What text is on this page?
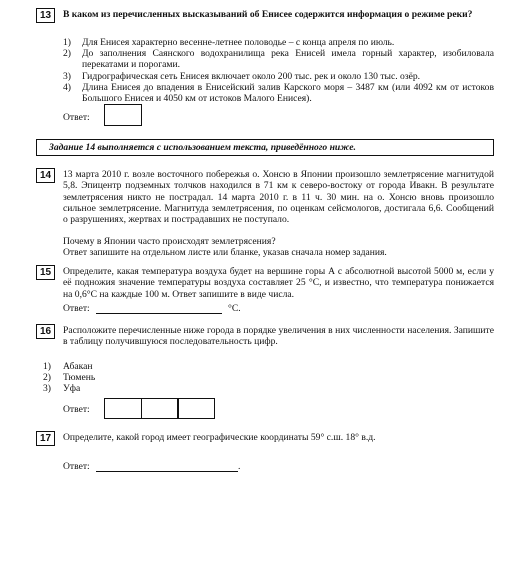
13	В каком из перечисленных высказываний об Енисее содержится информация о режиме реки?
1)	Для Енисея характерно весенне-летнее половодье – с конца апреля по июль.
2)	До заполнения Саянского водохранилища река Енисей имела горный характер, изобиловала перекатами и порогами.
3)	Гидрографическая сеть Енисея включает около 200 тыс. рек и около 130 тыс. озёр.
4)	Длина Енисея до впадения в Енисейский залив Карского моря – 3487 км (или 4092 км от истоков Большого Енисея и 4050 км от истоков Малого Енисея).
Ответ:
Задание 14 выполняется с использованием текста, приведённого ниже.
14	13 марта 2010 г. возле восточного побережья о. Хонсю в Японии произошло землетрясение магнитудой 5,8. Эпицентр подземных толчков находился в 71 км к северо-востоку от города Ивакн. В результате землетрясения никто не пострадал. 14 марта 2010 г. в 11 ч. 30 мин. на о. Хонсю вновь произошло сильное землетрясение. Магнитуда землетрясения, по оценкам сейсмологов, достигала 6,6. Сообщений о разрушениях, жертвах и пострадавших не поступало.
Почему в Японии часто происходят землетрясения?
Ответ запишите на отдельном листе или бланке, указав сначала номер задания.
15	Определите, какая температура воздуха будет на вершине горы А с абсолютной высотой 5000 м, если у её подножия значение температуры воздуха составляет 25 °С, и известно, что температура понижается на 0,6°С на каждые 100 м. Ответ запишите в виде числа.
Ответ:	°С.
16	Расположите перечисленные ниже города в порядке увеличения в них численности населения. Запишите в таблицу получившуюся последовательность цифр.
1)	Абакан
2)	Тюмень
3)	Уфа
Ответ:
17	Определите, какой город имеет географические координаты 59° с.ш. 18° в.д.
Ответ:	.
